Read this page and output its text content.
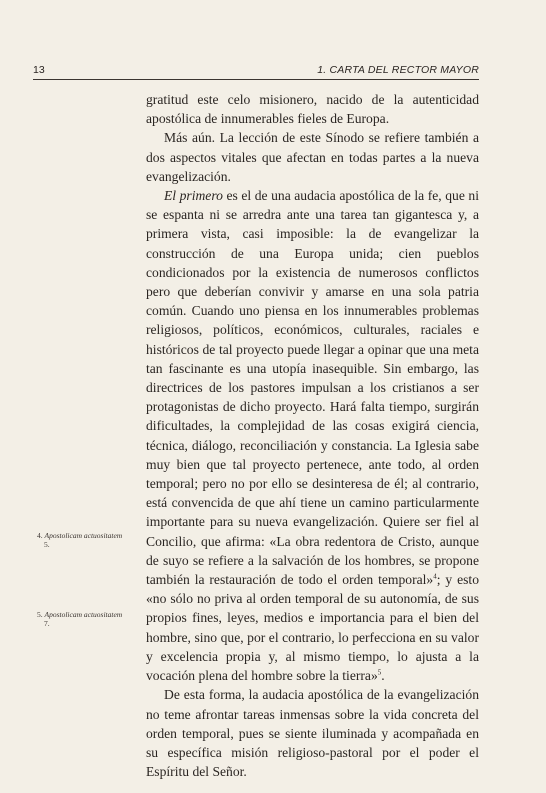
13	1. CARTA DEL RECTOR MAYOR

gratitud este celo misionero, nacido de la autenticidad apostólica de innumerables fieles de Europa.

Más aún. La lección de este Sínodo se refiere también a dos aspectos vitales que afectan en todas partes a la nueva evangelización.

El primero es el de una audacia apostólica de la fe, que ni se espanta ni se arredra ante una tarea tan gigantesca y, a primera vista, casi imposible: la de evangelizar la construcción de una Europa unida; cien pueblos condicionados por la existencia de numerosos conflictos pero que deberían convivir y amarse en una sola patria común. Cuando uno piensa en los innumerables problemas religiosos, políticos, económicos, culturales, raciales e históricos de tal proyecto puede llegar a opinar que una meta tan fascinante es una utopía inasequible. Sin embargo, las directrices de los pastores impulsan a los cristianos a ser protagonistas de dicho proyecto. Hará falta tiempo, surgirán dificultades, la complejidad de las cosas exigirá ciencia, técnica, diálogo, reconciliación y constancia. La Iglesia sabe muy bien que tal proyecto pertenece, ante todo, al orden temporal; pero no por ello se desinteresa de él; al contrario, está convencida de que ahí tiene un camino particularmente importante para su nueva evangelización. Quiere ser fiel al Concilio, que afirma: «La obra redentora de Cristo, aunque de suyo se refiere a la salvación de los hombres, se propone también la restauración de todo el orden temporal»$^4$; y esto «no sólo no priva al orden temporal de su autonomía, de sus propios fines, leyes, medios e importancia para el bien del hombre, sino que, por el contrario, lo perfecciona en su valor y excelencia propia y, al mismo tiempo, lo ajusta a la vocación plena del hombre sobre la tierra»$^5$.

De esta forma, la audacia apostólica de la evangelización no teme afrontar tareas inmensas sobre la vida concreta del orden temporal, pues se siente iluminada y acompañada en su específica misión religioso-pastoral por el poder el Espíritu del Señor.

4. Apostolicam actuositatem
5.
5. Apostolicam actuositatem
7.
